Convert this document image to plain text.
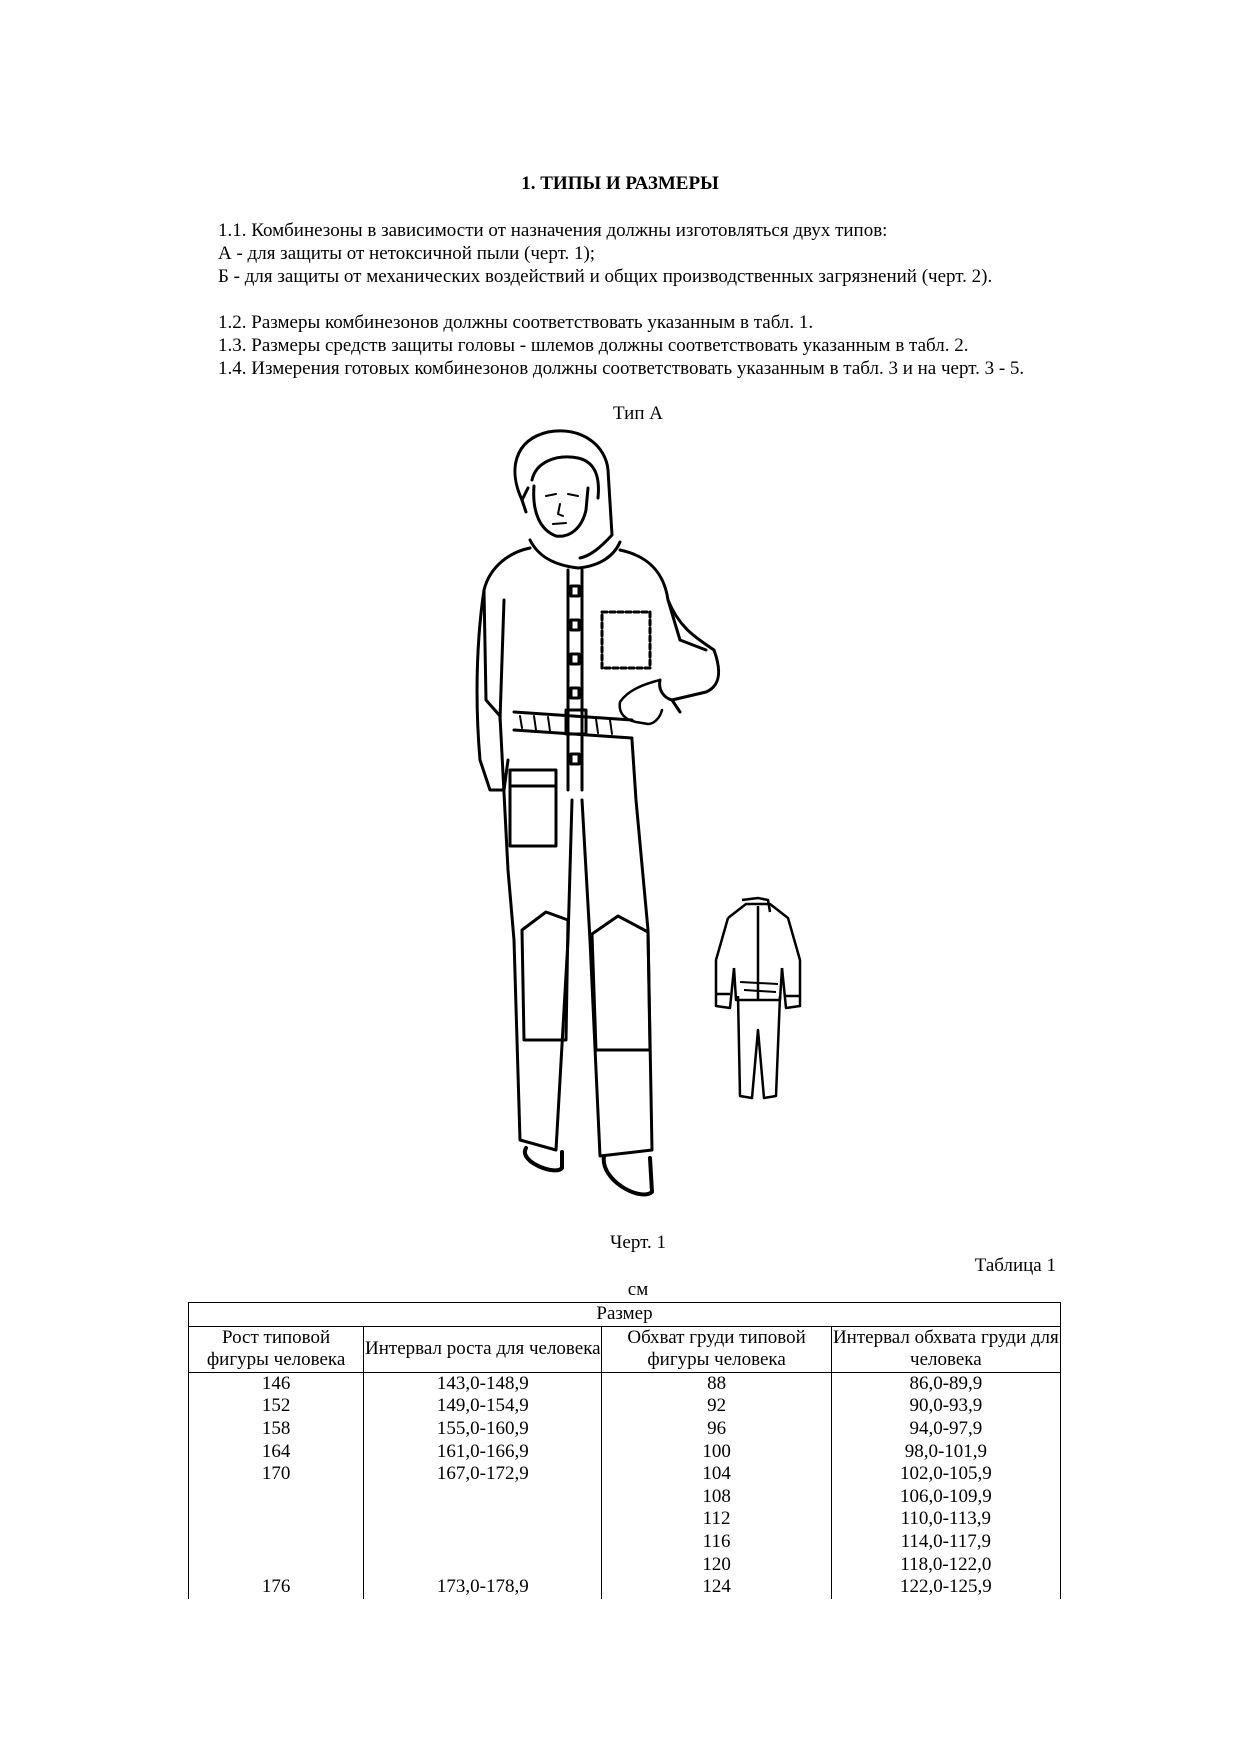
1. ТИПЫ И РАЗМЕРЫ

1.1. Комбинезоны в зависимости от назначения должны изготовляться двух типов:

А - для защиты от нетоксичной пыли (черт. 1);

Б - для защиты от механических воздействий и общих производственных загрязнений (черт. 2).

1.2. Размеры комбинезонов должны соответствовать указанным в табл. 1.

1.3. Размеры средств защиты головы - шлемов должны соответствовать указанным в табл. 2.

1.4. Измерения готовых комбинезонов должны соответствовать указанным в табл. 3 и на черт. 3 - 5.

Тип А
Черт. 1
Таблица 1
см
Размер			
Рост типовой фигуры человека	Интервал роста для человека	Обхват груди типовой фигуры человека	Интервал обхвата груди для человека
146	143,0-148,9	88	86,0-89,9
152	149,0-154,9	92	90,0-93,9
158	155,0-160,9	96	94,0-97,9
164	161,0-166,9	100	98,0-101,9
170	167,0-172,9	104	102,0-105,9
		108	106,0-109,9
		112	110,0-113,9
		116	114,0-117,9
		120	118,0-122,0
176	173,0-178,9	124	122,0-125,9
